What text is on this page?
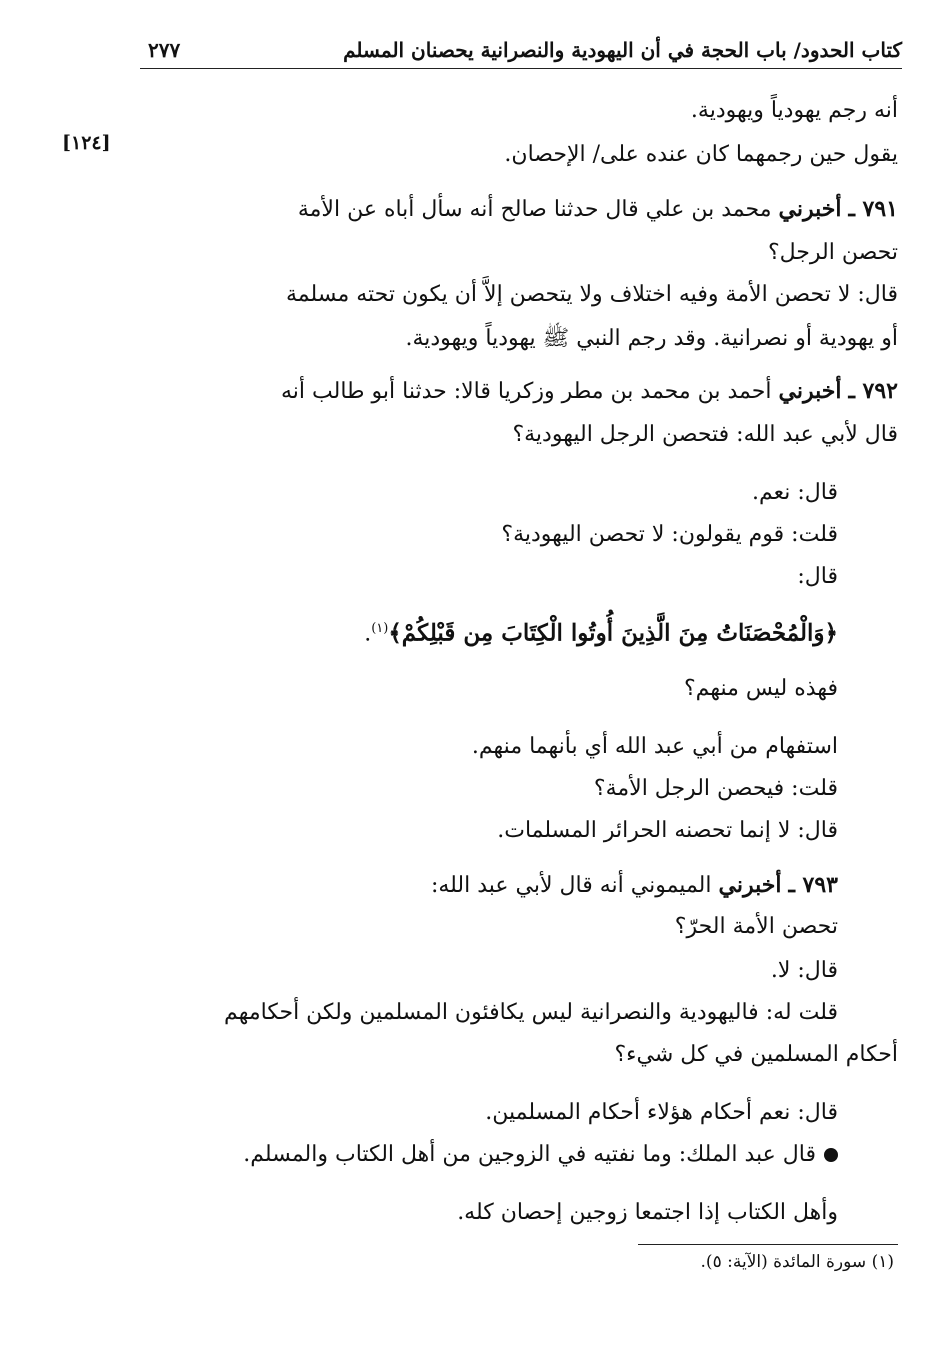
كتاب الحدود/ باب الحجة في أن اليهودية والنصرانية يحصنان المسلم
٢٧٧
[١٢٤]
أنه رجم يهودياً ويهودية.
يقول حين رجمهما كان عنده على/ الإحصان.
٧٩١ ـ أخبرني محمد بن علي قال حدثنا صالح أنه سأل أباه عن الأمة
تحصن الرجل؟
قال: لا تحصن الأمة وفيه اختلاف ولا يتحصن إلاَّ أن يكون تحته مسلمة
أو يهودية أو نصرانية. وقد رجم النبي ﷺ يهودياً ويهودية.
٧٩٢ ـ أخبرني أحمد بن محمد بن مطر وزكريا قالا: حدثنا أبو طالب أنه
قال لأبي عبد الله: فتحصن الرجل اليهودية؟
قال: نعم.
قلت: قوم يقولون: لا تحصن اليهودية؟
قال:
﴿وَالْمُحْصَنَاتُ مِنَ الَّذِينَ أُوتُوا الْكِتَابَ مِن قَبْلِكُمْ﴾$^{(١)}$.
فهذه ليس منهم؟
استفهام من أبي عبد الله أي بأنهما منهم.
قلت: فيحصن الرجل الأمة؟
قال: لا إنما تحصنه الحرائر المسلمات.
٧٩٣ ـ أخبرني الميموني أنه قال لأبي عبد الله:
تحصن الأمة الحرّ؟
قال: لا.
قلت له: فاليهودية والنصرانية ليس يكافئون المسلمين ولكن أحكامهم
أحكام المسلمين في كل شيء؟
قال: نعم أحكام هؤلاء أحكام المسلمين.
قال عبد الملك: وما نفتيه في الزوجين من أهل الكتاب والمسلم.
وأهل الكتاب إذا اجتمعا زوجين إحصان كله.
(١) سورة المائدة (الآية: ٥).
